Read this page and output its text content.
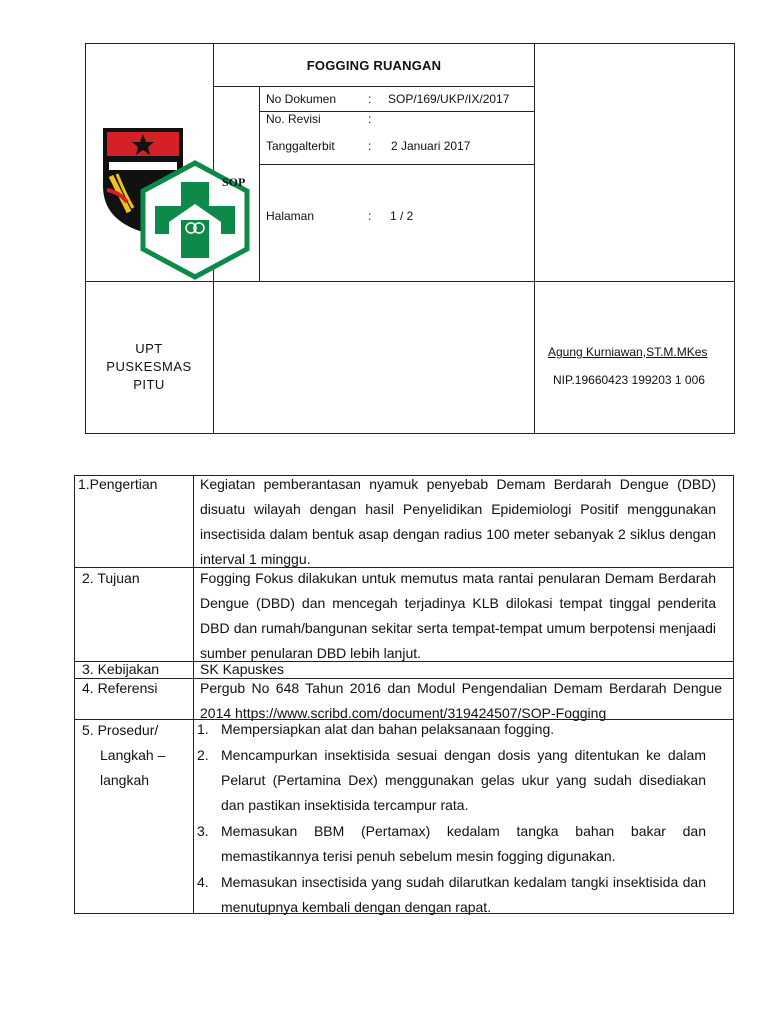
FOGGING RUANGAN
SOP
No Dokumen	: SOP/169/UKP/IX/2017
No. Revisi	:
Tanggalterbit	: 2 Januari 2017
Halaman	: 1 / 2
UPT
PUSKESMAS
PITU
Agung Kurniawan,ST.M.MKes
NIP.19660423 199203 1 006
1.Pengertian	Kegiatan pemberantasan nyamuk penyebab Demam Berdarah Dengue (DBD) disuatu wilayah dengan hasil Penyelidikan Epidemiologi Positif menggunakan insectisida dalam bentuk asap dengan radius 100 meter sebanyak 2 siklus dengan interval 1 minggu.
2. Tujuan	Fogging Fokus dilakukan untuk memutus mata rantai penularan Demam Berdarah Dengue (DBD) dan mencegah terjadinya KLB dilokasi tempat tinggal penderita DBD dan rumah/bangunan sekitar serta tempat-tempat umum berpotensi menjaadi sumber penularan DBD lebih lanjut.
3. Kebijakan	SK Kapuskes
4. Referensi	Pergub No 648 Tahun 2016 dan Modul Pengendalian Demam Berdarah Dengue 2014 https://www.scribd.com/document/319424507/SOP-Fogging
5. Prosedur/
Langkah –
langkah
1. Mempersiapkan alat dan bahan pelaksanaan fogging.
2. Mencampurkan insektisida sesuai dengan dosis yang ditentukan ke dalam Pelarut (Pertamina Dex) menggunakan gelas ukur yang sudah disediakan dan pastikan insektisida tercampur rata.
3. Memasukan BBM (Pertamax) kedalam tangka bahan bakar dan memastikannya terisi penuh sebelum mesin fogging digunakan.
4. Memasukan insectisida yang sudah dilarutkan kedalam tangki insektisida dan menutupnya kembali dengan dengan rapat.
